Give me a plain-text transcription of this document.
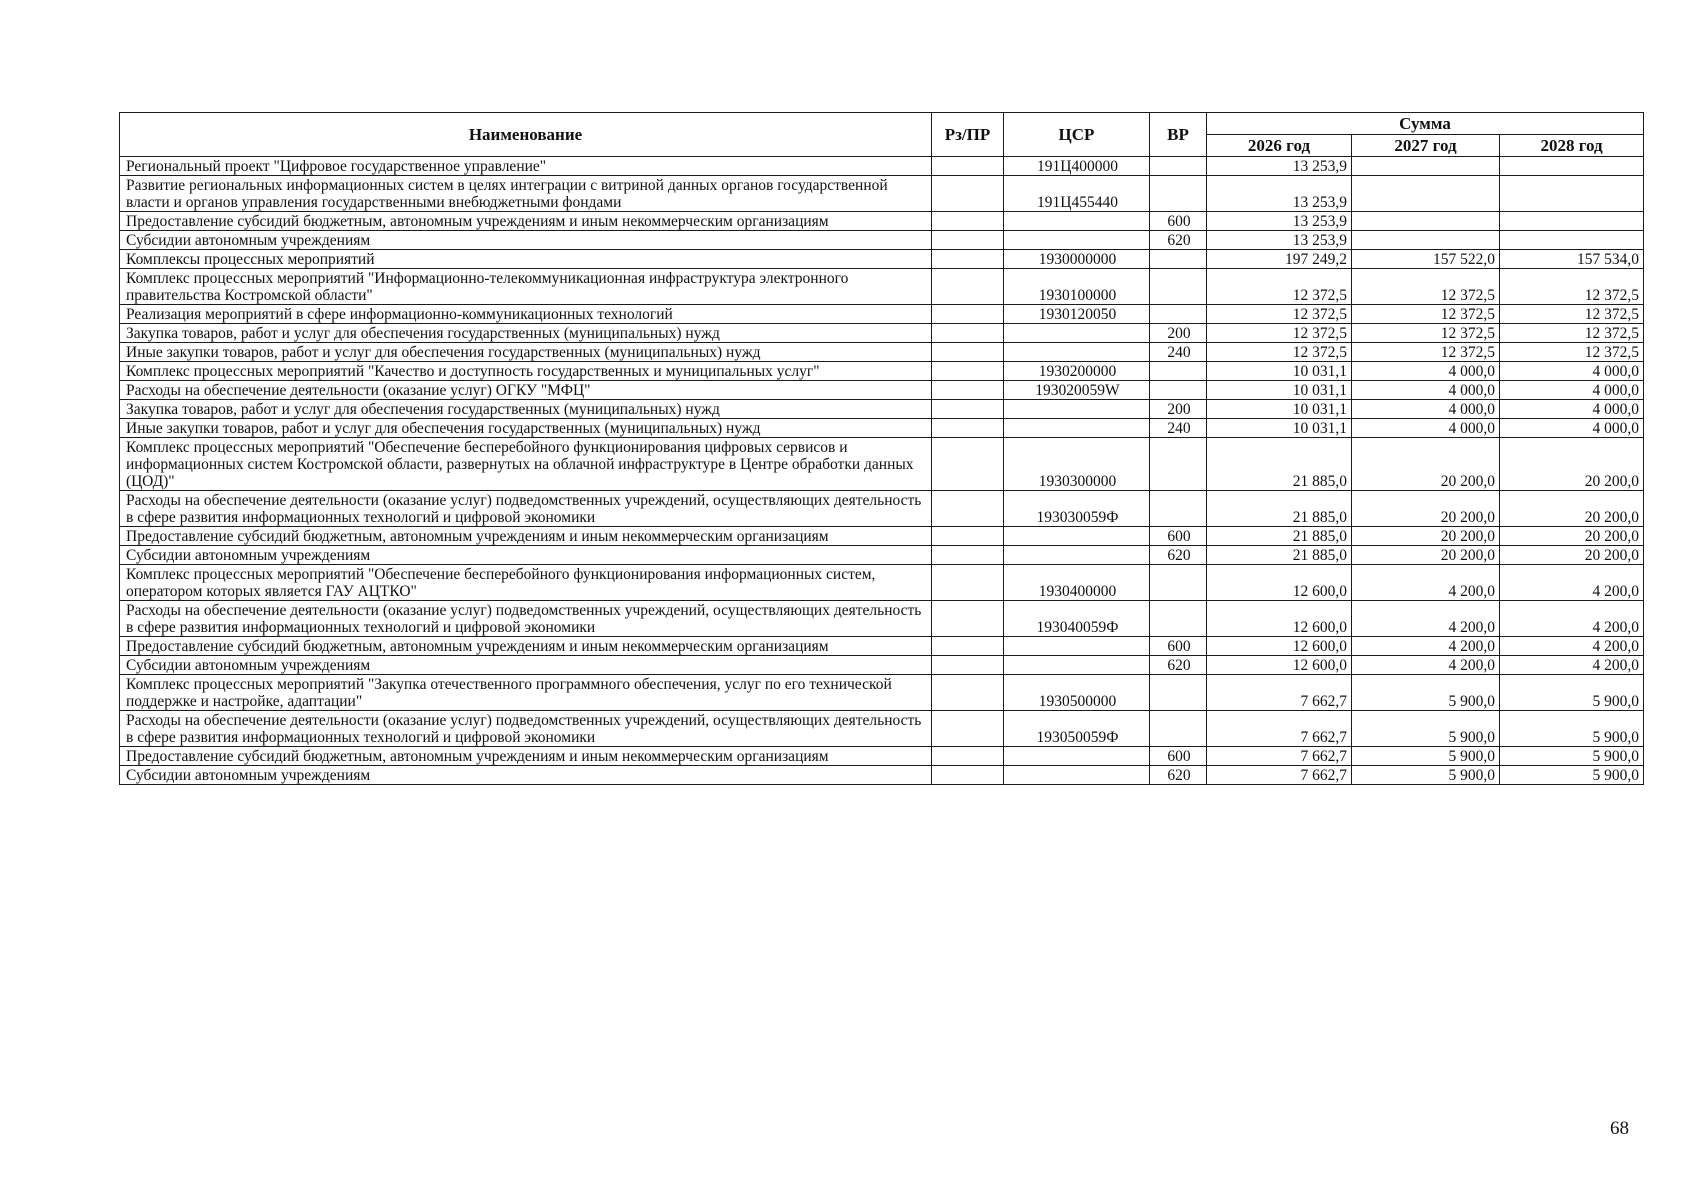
Наименование	Рз/ПР	ЦСР	ВР	Сумма		
				2026 год	2027 год	2028 год
Региональный проект "Цифровое государственное управление"		191Ц400000		13 253,9		
Развитие региональных информационных систем в целях интеграции с витриной данных органов государственной власти и органов управления государственными внебюджетными фондами		191Ц455440		13 253,9		
Предоставление субсидий бюджетным, автономным учреждениям и иным некоммерческим организациям			600	13 253,9		
Субсидии автономным учреждениям			620	13 253,9		
Комплексы процессных мероприятий		1930000000		197 249,2	157 522,0	157 534,0
Комплекс процессных мероприятий "Информационно-телекоммуникационная инфраструктура электронного правительства Костромской области"		1930100000		12 372,5	12 372,5	12 372,5
Реализация мероприятий в сфере информационно-коммуникационных технологий		1930120050		12 372,5	12 372,5	12 372,5
Закупка товаров, работ и услуг для обеспечения государственных (муниципальных) нужд			200	12 372,5	12 372,5	12 372,5
Иные закупки товаров, работ и услуг для обеспечения государственных (муниципальных) нужд			240	12 372,5	12 372,5	12 372,5
Комплекс процессных мероприятий "Качество и доступность государственных и муниципальных услуг"		1930200000		10 031,1	4 000,0	4 000,0
Расходы на обеспечение деятельности (оказание услуг) ОГКУ "МФЦ"		193020059W		10 031,1	4 000,0	4 000,0
Закупка товаров, работ и услуг для обеспечения государственных (муниципальных) нужд			200	10 031,1	4 000,0	4 000,0
Иные закупки товаров, работ и услуг для обеспечения государственных (муниципальных) нужд			240	10 031,1	4 000,0	4 000,0
Комплекс процессных мероприятий "Обеспечение бесперебойного функционирования цифровых сервисов и информационных систем Костромской области, развернутых на облачной инфраструктуре в Центре обработки данных (ЦОД)"		1930300000		21 885,0	20 200,0	20 200,0
Расходы на обеспечение деятельности (оказание услуг) подведомственных учреждений, осуществляющих деятельность в сфере развития информационных технологий и цифровой экономики		193030059Ф		21 885,0	20 200,0	20 200,0
Предоставление субсидий бюджетным, автономным учреждениям и иным некоммерческим организациям			600	21 885,0	20 200,0	20 200,0
Субсидии автономным учреждениям			620	21 885,0	20 200,0	20 200,0
Комплекс процессных мероприятий "Обеспечение бесперебойного функционирования информационных систем, оператором которых является ГАУ АЦТКО"		1930400000		12 600,0	4 200,0	4 200,0
Расходы на обеспечение деятельности (оказание услуг) подведомственных учреждений, осуществляющих деятельность в сфере развития информационных технологий и цифровой экономики		193040059Ф		12 600,0	4 200,0	4 200,0
Предоставление субсидий бюджетным, автономным учреждениям и иным некоммерческим организациям			600	12 600,0	4 200,0	4 200,0
Субсидии автономным учреждениям			620	12 600,0	4 200,0	4 200,0
Комплекс процессных мероприятий "Закупка отечественного программного обеспечения, услуг по его технической поддержке и настройке, адаптации"		1930500000		7 662,7	5 900,0	5 900,0
Расходы на обеспечение деятельности (оказание услуг) подведомственных учреждений, осуществляющих деятельность в сфере развития информационных технологий и цифровой экономики		193050059Ф		7 662,7	5 900,0	5 900,0
Предоставление субсидий бюджетным, автономным учреждениям и иным некоммерческим организациям			600	7 662,7	5 900,0	5 900,0
Субсидии автономным учреждениям			620	7 662,7	5 900,0	5 900,0
68
